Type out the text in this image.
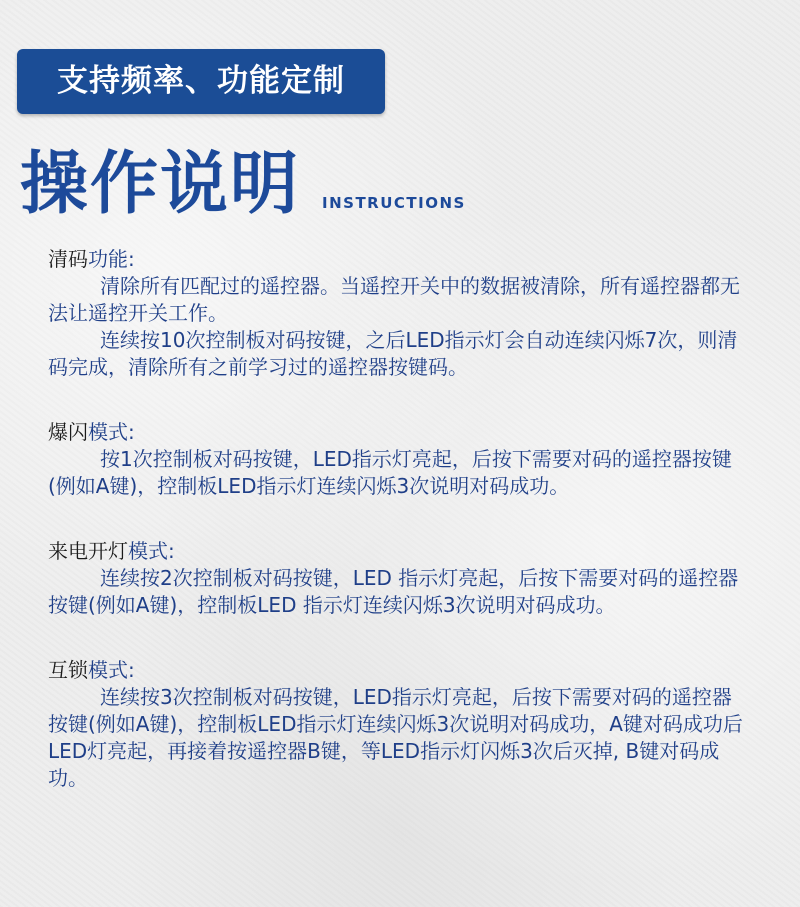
支持频率、功能定制
操作说明 INSTRUCTIONS
清码功能:

清除所有匹配过的遥控器。当遥控开关中的数据被清除，所有遥控器都无法让遥控开关工作。

连续按10次控制板对码按键，之后LED指示灯会自动连续闪烁7次，则清码完成，清除所有之前学习过的遥控器按键码。

爆闪模式:

按1次控制板对码按键，LED指示灯亮起，后按下需要对码的遥控器按键(例如A键)，控制板LED指示灯连续闪烁3次说明对码成功。

来电开灯模式:

连续按2次控制板对码按键，LED 指示灯亮起，后按下需要对码的遥控器按键(例如A键)，控制板LED 指示灯连续闪烁3次说明对码成功。

互锁模式:

连续按3次控制板对码按键，LED指示灯亮起，后按下需要对码的遥控器按键(例如A键)，控制板LED指示灯连续闪烁3次说明对码成功，A键对码成功后 LED灯亮起，再接着按遥控器B键，等LED指示灯闪烁3次后灭掉, B键对码成功。
